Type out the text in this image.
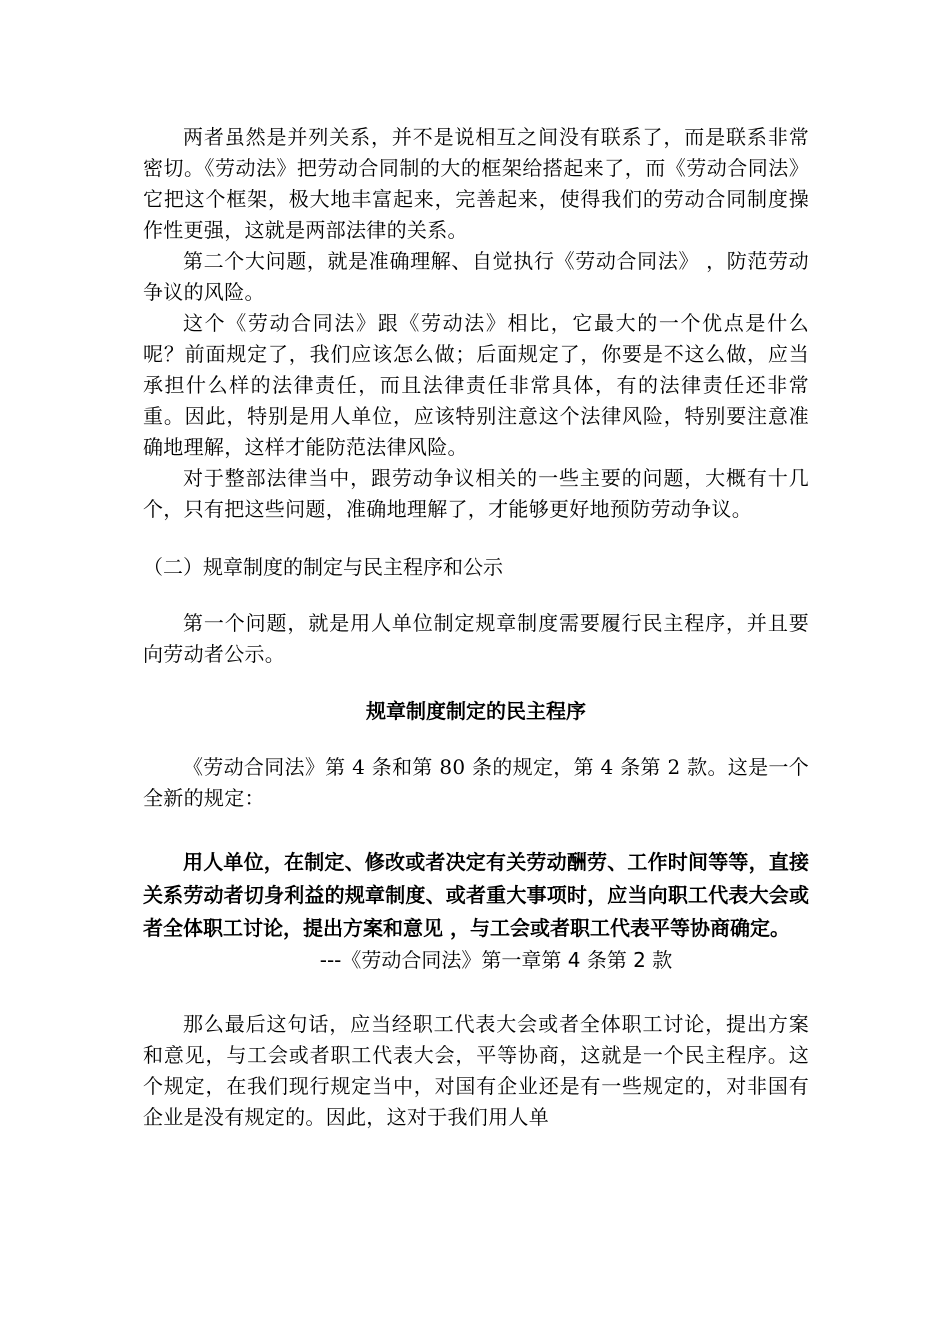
两者虽然是并列关系，并不是说相互之间没有联系了，而是联系非常密切。《劳动法》把劳动合同制的大的框架给搭起来了，而《劳动合同法》它把这个框架，极大地丰富起来，完善起来，使得我们的劳动合同制度操作性更强，这就是两部法律的关系。

第二个大问题，就是准确理解、自觉执行《劳动合同法》 ，防范劳动争议的风险。

这个《劳动合同法》跟《劳动法》相比，它最大的一个优点是什么呢？前面规定了，我们应该怎么做；后面规定了，你要是不这么做，应当承担什么样的法律责任，而且法律责任非常具体，有的法律责任还非常重。因此，特别是用人单位，应该特别注意这个法律风险，特别要注意准确地理解，这样才能防范法律风险。

对于整部法律当中，跟劳动争议相关的一些主要的问题，大概有十几个，只有把这些问题，准确地理解了，才能够更好地预防劳动争议。

（二）规章制度的制定与民主程序和公示

第一个问题，就是用人单位制定规章制度需要履行民主程序，并且要向劳动者公示。

规章制度制定的民主程序

《劳动合同法》第 4 条和第 80 条的规定，第 4 条第 2 款。这是一个全新的规定：

用人单位，在制定、修改或者决定有关劳动酬劳、工作时间等等，直接关系劳动者切身利益的规章制度、或者重大事项时，应当向职工代表大会或者全体职工讨论，提出方案和意见 ，与工会或者职工代表平等协商确定。

---《劳动合同法》第一章第 4 条第 2 款

那么最后这句话，应当经职工代表大会或者全体职工讨论，提出方案和意见，与工会或者职工代表大会，平等协商，这就是一个民主程序。这个规定，在我们现行规定当中，对国有企业还是有一些规定的，对非国有企业是没有规定的。因此，这对于我们用人单
